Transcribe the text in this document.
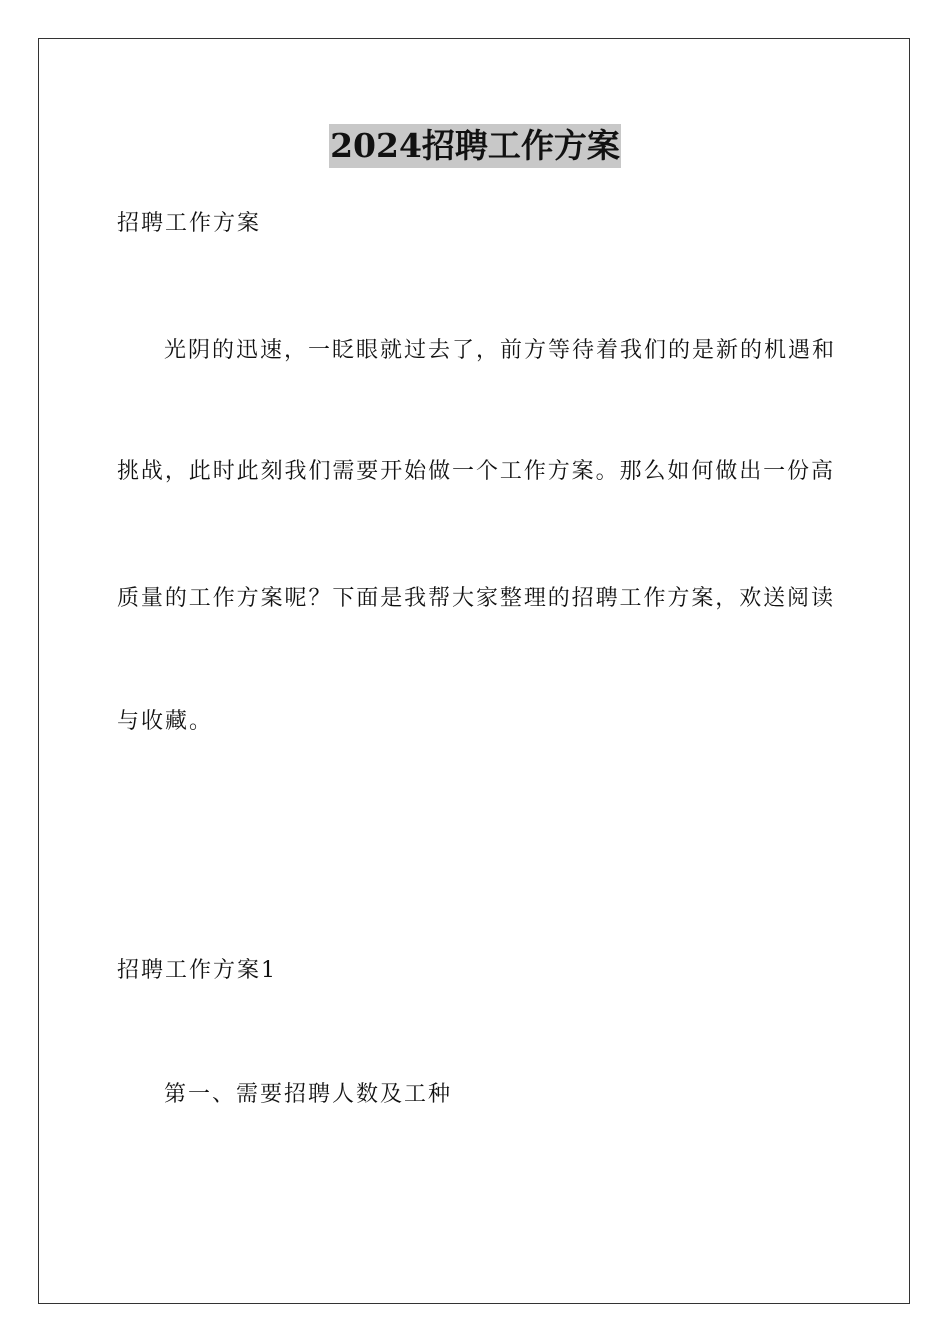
2024招聘工作方案
招聘工作方案
光阴的迅速，一眨眼就过去了，前方等待着我们的是新的机遇和
挑战，此时此刻我们需要开始做一个工作方案。那么如何做出一份高
质量的工作方案呢？下面是我帮大家整理的招聘工作方案，欢送阅读
与收藏。
招聘工作方案1
第一、需要招聘人数及工种
